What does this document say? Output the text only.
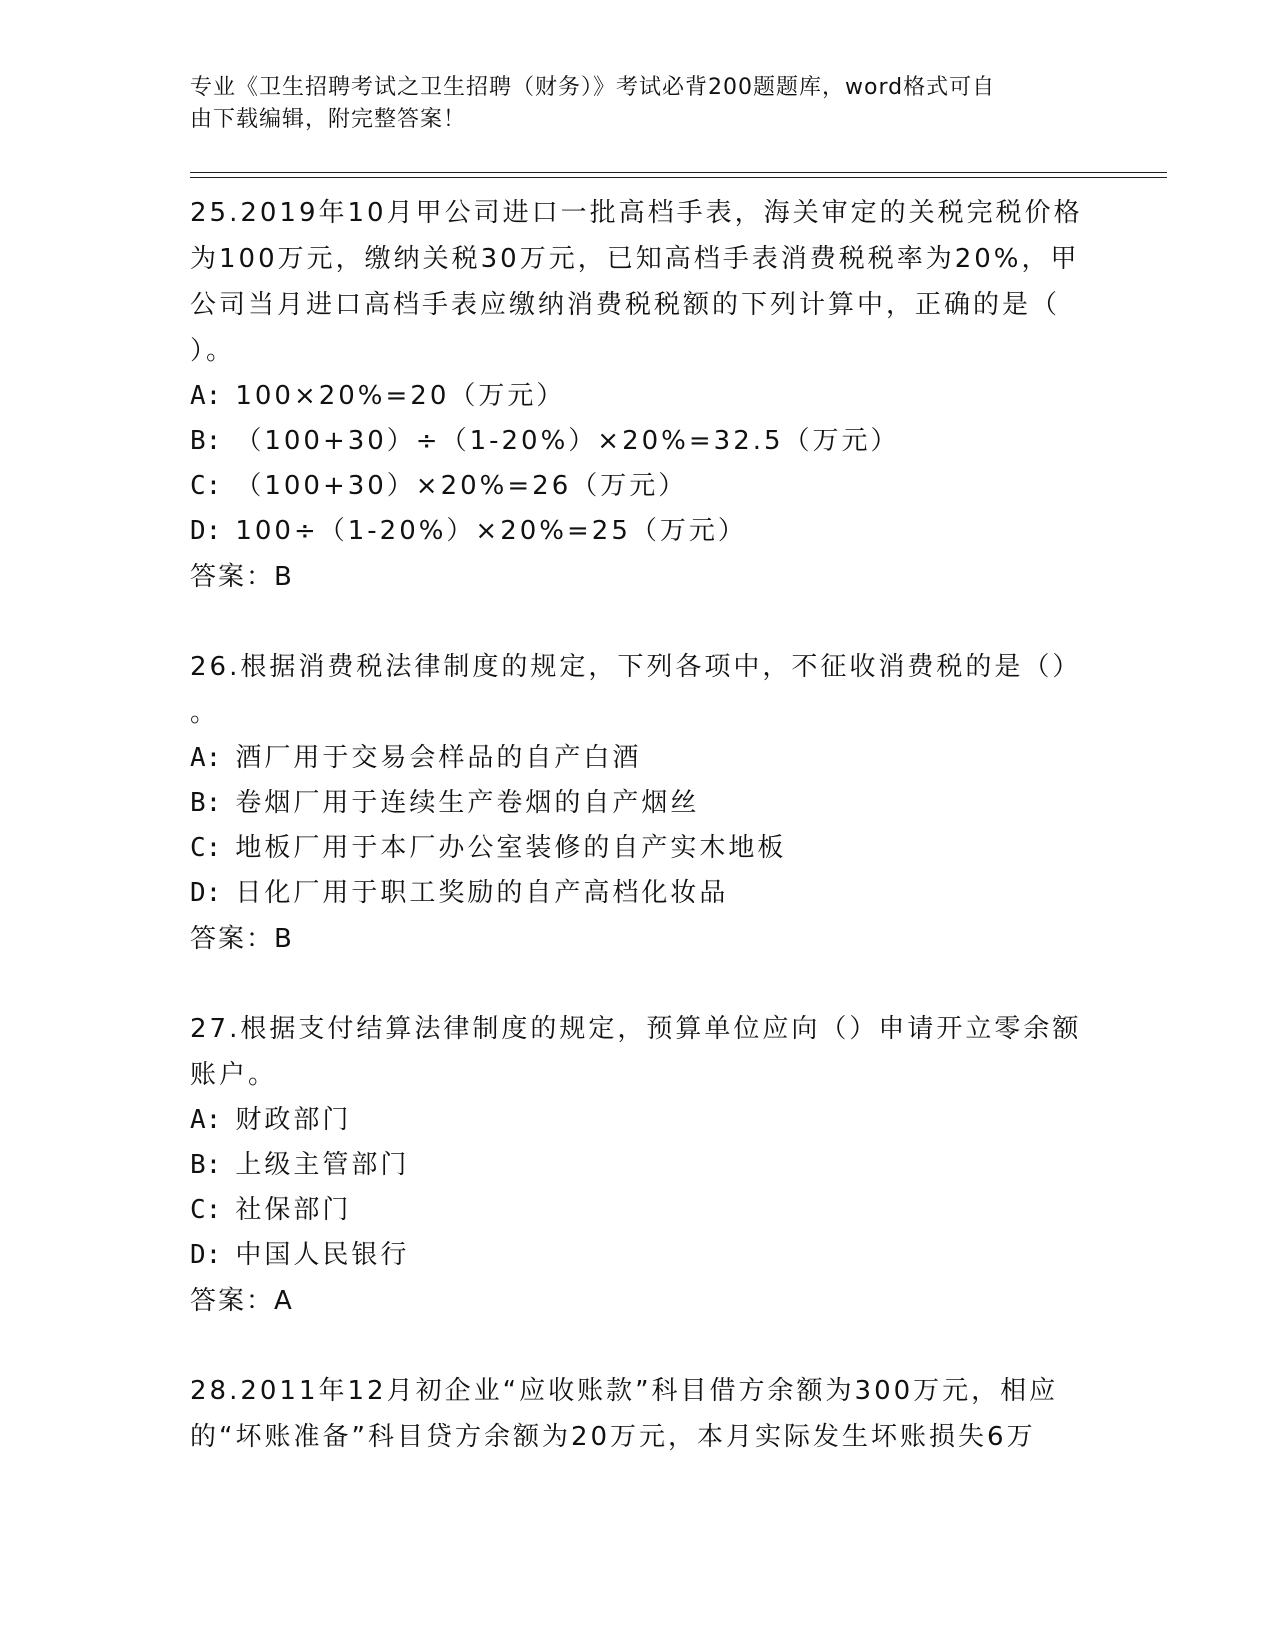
专业《卫生招聘考试之卫生招聘（财务）》考试必背200题题库，word格式可自
由下载编辑，附完整答案！

25.2019年10月甲公司进口一批高档手表，海关审定的关税完税价格

为100万元，缴纳关税30万元，已知高档手表消费税税率为20%，甲

公司当月进口高档手表应缴纳消费税税额的下列计算中，正确的是（

）。

A: 100×20%=20（万元）

B: （100+30）÷（1-20%）×20%=32.5（万元）

C: （100+30）×20%=26（万元）

D: 100÷（1-20%）×20%=25（万元）

答案：B

26.根据消费税法律制度的规定，下列各项中，不征收消费税的是（）

。

A: 酒厂用于交易会样品的自产白酒

B: 卷烟厂用于连续生产卷烟的自产烟丝

C: 地板厂用于本厂办公室装修的自产实木地板

D: 日化厂用于职工奖励的自产高档化妆品

答案：B

27.根据支付结算法律制度的规定，预算单位应向（）申请开立零余额

账户。

A: 财政部门

B: 上级主管部门

C: 社保部门

D: 中国人民银行

答案：A

28.2011年12月初企业“应收账款”科目借方余额为300万元，相应

的“坏账准备”科目贷方余额为20万元，本月实际发生坏账损失6万
